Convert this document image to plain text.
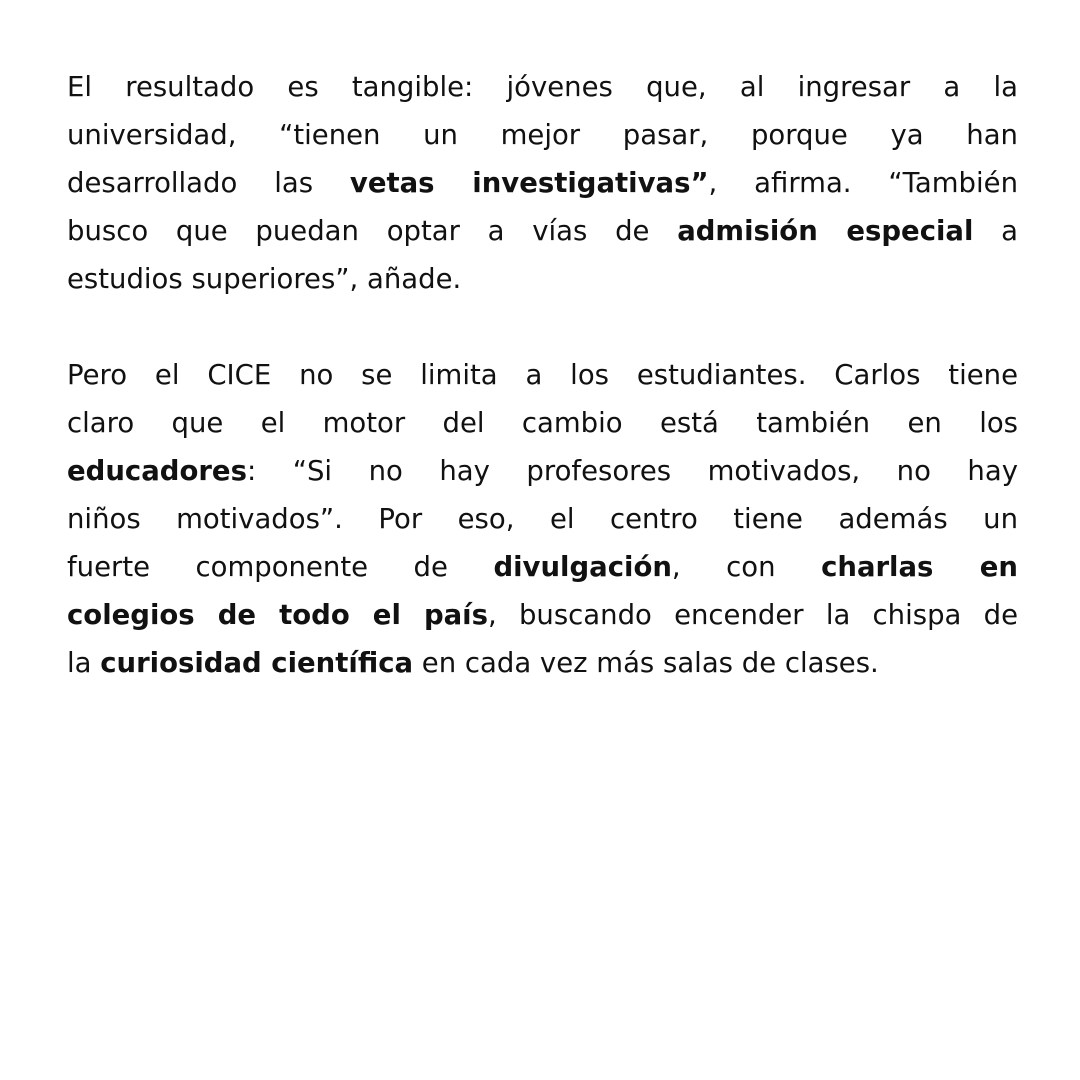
El resultado es tangible: jóvenes que, al ingresar a la
universidad, “tienen un mejor pasar, porque ya han
desarrollado las vetas investigativas”, afirma. “También
busco que puedan optar a vías de admisión especial a
estudios superiores”, añade.
Pero el CICE no se limita a los estudiantes. Carlos tiene
claro que el motor del cambio está también en los
educadores: “Si no hay profesores motivados, no hay
niños motivados”. Por eso, el centro tiene además un
fuerte componente de divulgación, con charlas en
colegios de todo el país, buscando encender la chispa de
la curiosidad científica en cada vez más salas de clases.
